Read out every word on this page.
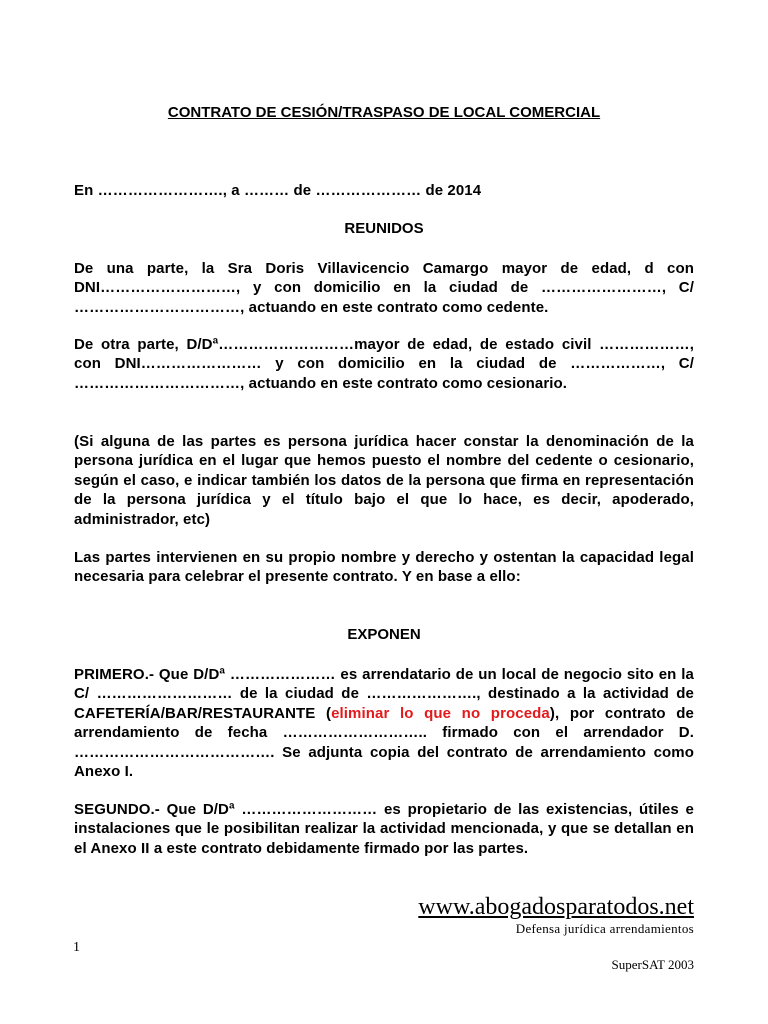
CONTRATO DE CESIÓN/TRASPASO DE LOCAL COMERCIAL
En ……………………., a ……… de ………………… de 2014
REUNIDOS
De una parte, la Sra Doris Villavicencio Camargo mayor de edad, d con DNI………………………, y con domicilio en la ciudad de ……………………, C/ ……………………………, actuando en este contrato como cedente.
De otra parte, D/Dª………………………mayor de edad, de estado civil ………………, con DNI…………………… y con domicilio en la ciudad de ………………, C/ ……………………………, actuando en este contrato como cesionario.
(Si alguna de las partes es persona jurídica hacer constar la denominación de la persona jurídica en el lugar que hemos puesto el nombre del cedente o cesionario, según el caso, e indicar también los datos de la persona que firma en representación de la persona jurídica y el título bajo el que lo hace, es decir, apoderado, administrador, etc)
Las partes intervienen en su propio nombre y derecho y ostentan la capacidad legal necesaria para celebrar el presente contrato. Y en base a ello:
EXPONEN
PRIMERO.- Que D/Dª ………………… es arrendatario de un local de negocio sito en la C/ ……………………… de la ciudad de …………………., destinado a la actividad de CAFETERÍA/BAR/RESTAURANTE (eliminar lo que no proceda), por contrato de arrendamiento de fecha ……………………….. firmado con el arrendador D. …………………………………. Se adjunta copia del contrato de arrendamiento como Anexo I.
SEGUNDO.- Que D/Dª ……………………… es propietario de las existencias, útiles e instalaciones que le posibilitan realizar la actividad mencionada, y que se detallan en el Anexo II a este contrato debidamente firmado por las partes.
www.abogadosparatodos.net
Defensa jurídica arrendamientos
1
SuperSAT 2003
